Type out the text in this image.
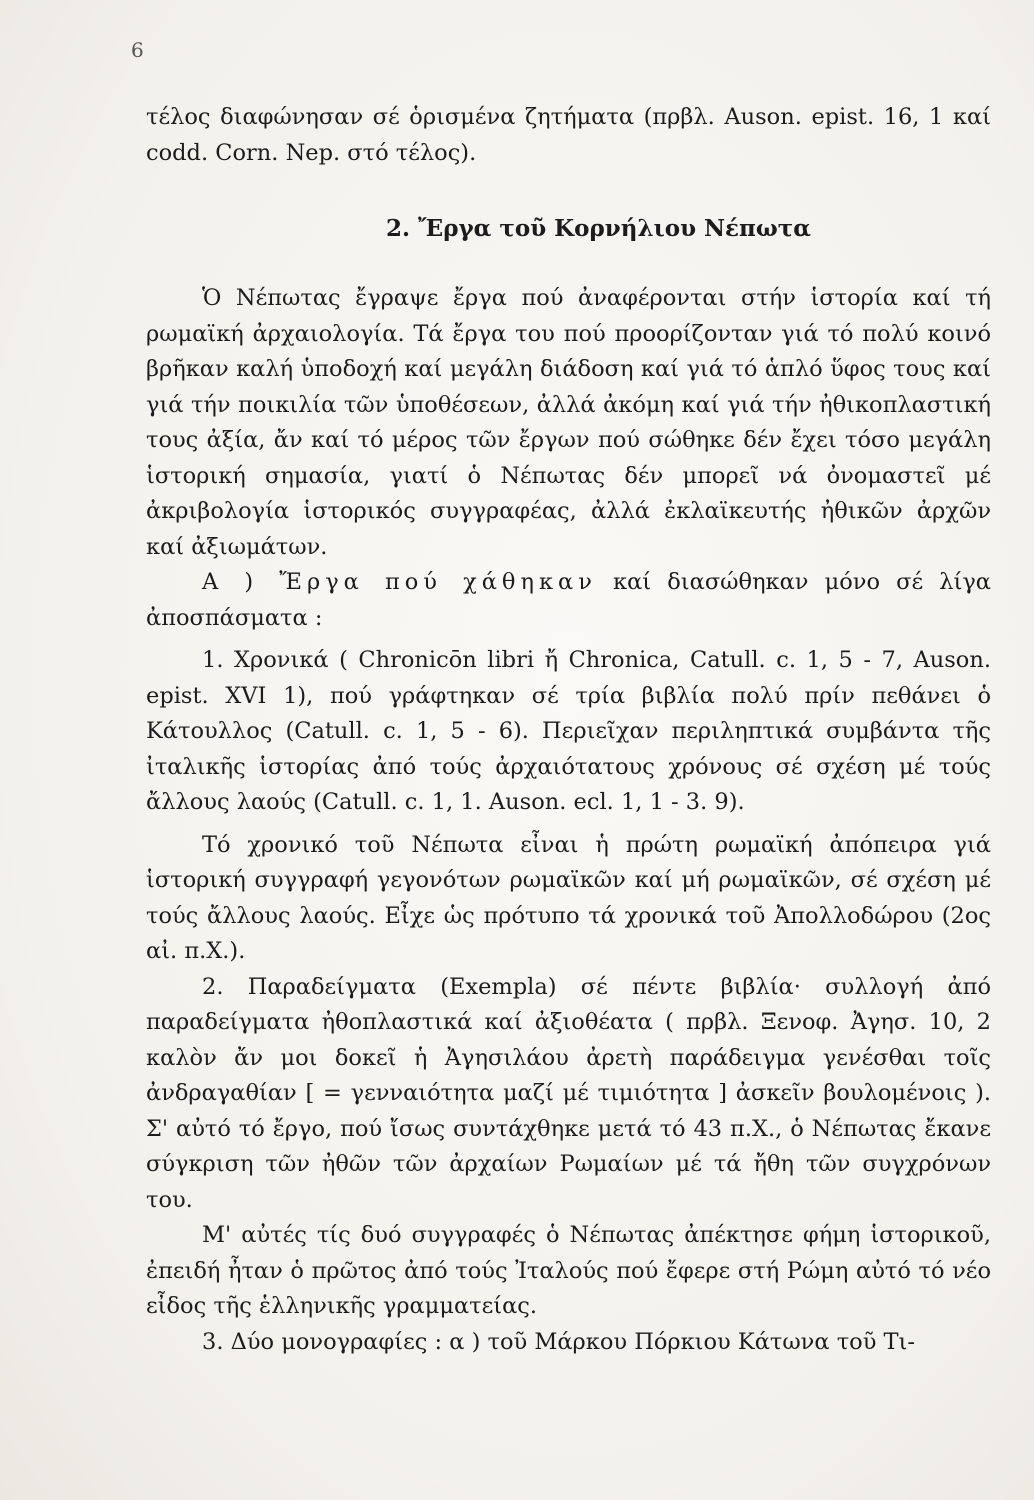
6

τέλος διαφώνησαν σέ ὁρισμένα ζητήματα (πρβλ. Auson. epist. 16, 1 καί codd. Corn. Nep. στό τέλος).

2. Ἔργα τοῦ Κορνήλιου Νέπωτα

Ὁ Νέπωτας ἔγραψε ἔργα πού ἀναφέρονται στήν ἱστορία καί τή ρωμαϊκή ἀρχαιολογία. Τά ἔργα του πού προορίζονταν γιά τό πολύ κοινό βρῆκαν καλή ὑποδοχή καί μεγάλη διάδοση καί γιά τό ἁπλό ὕφος τους καί γιά τήν ποικιλία τῶν ὑποθέσεων, ἀλλά ἀκόμη καί γιά τήν ἠθικοπλαστική τους ἀξία, ἄν καί τό μέρος τῶν ἔργων πού σώθηκε δέν ἔχει τόσο μεγάλη ἱστορική σημασία, γιατί ὁ Νέπωτας δέν μπορεῖ νά ὀνομαστεῖ μέ ἀκριβολογία ἱστορικός συγγραφέας, ἀλλά ἐκλαϊκευτής ἠθικῶν ἀρχῶν καί ἀξιωμάτων.

Α ) Ἔργα πού χάθηκαν καί διασώθηκαν μόνο σέ λίγα ἀποσπάσματα :

1. Χρονικά ( Chronicōn libri ἤ Chronica, Catull. c. 1, 5 - 7, Auson. epist. XVI 1), πού γράφτηκαν σέ τρία βιβλία πολύ πρίν πεθάνει ὁ Κάτουλλος (Catull. c. 1, 5 - 6). Περιεῖχαν περιληπτικά συμβάντα τῆς ἰταλικῆς ἱστορίας ἀπό τούς ἀρχαιότατους χρόνους σέ σχέση μέ τούς ἄλλους λαούς (Catull. c. 1, 1. Auson. ecl. 1, 1 - 3. 9).

Τό χρονικό τοῦ Νέπωτα εἶναι ἡ πρώτη ρωμαϊκή ἀπόπειρα γιά ἱστορική συγγραφή γεγονότων ρωμαϊκῶν καί μή ρωμαϊκῶν, σέ σχέση μέ τούς ἄλλους λαούς. Εἶχε ὡς πρότυπο τά χρονικά τοῦ Ἀπολλοδώρου (2ος αἰ. π.Χ.).

2. Παραδείγματα (Exempla) σέ πέντε βιβλία· συλλογή ἀπό παραδείγματα ἠθοπλαστικά καί ἀξιοθέατα ( πρβλ. Ξενοφ. Ἀγησ. 10, 2 καλὸν ἄν μοι δοκεῖ ἡ Ἀγησιλάου ἀρετὴ παράδειγμα γενέσθαι τοῖς ἀνδραγαθίαν [ = γενναιότητα μαζί μέ τιμιότητα ] ἀσκεῖν βουλομένοις ). Σ' αὐτό τό ἔργο, πού ἴσως συντάχθηκε μετά τό 43 π.Χ., ὁ Νέπωτας ἔκανε σύγκριση τῶν ἠθῶν τῶν ἀρχαίων Ρωμαίων μέ τά ἤθη τῶν συγχρόνων του.

Μ' αὐτές τίς δυό συγγραφές ὁ Νέπωτας ἀπέκτησε φήμη ἱστορικοῦ, ἐπειδή ἦταν ὁ πρῶτος ἀπό τούς Ἰταλούς πού ἔφερε στή Ρώμη αὐτό τό νέο εἶδος τῆς ἑλληνικῆς γραμματείας.

3. Δύο μονογραφίες : α ) τοῦ Μάρκου Πόρκιου Κάτωνα τοῦ Τι-
